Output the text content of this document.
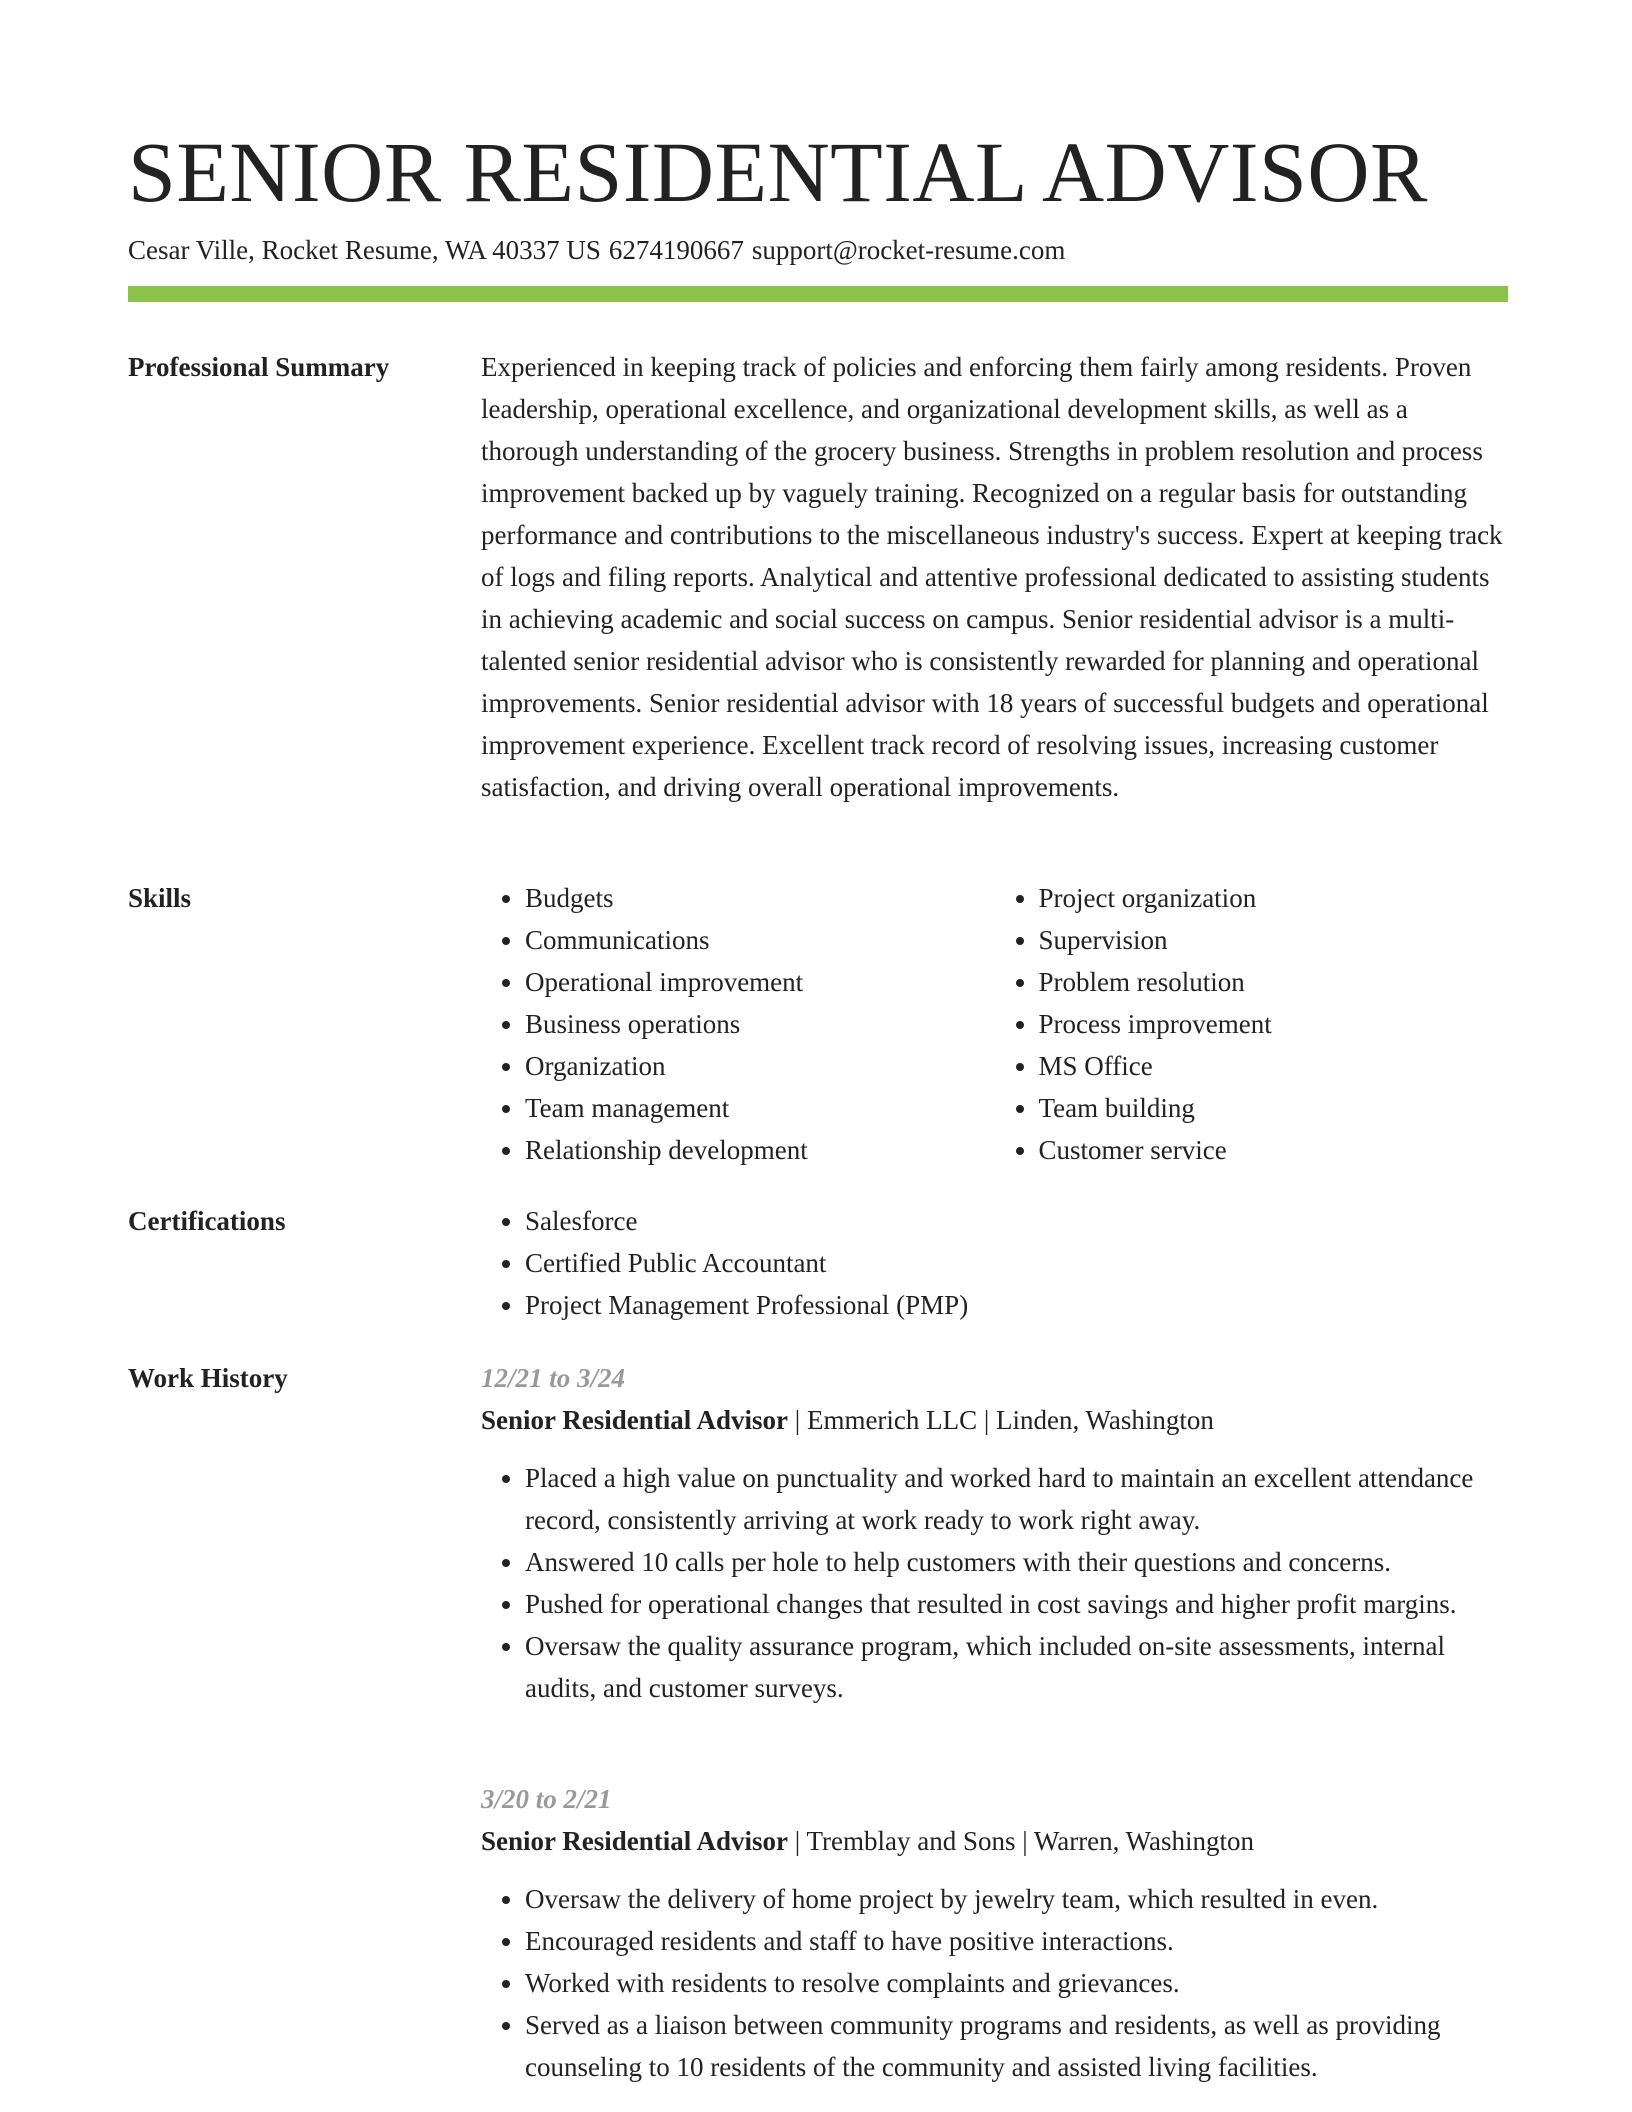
SENIOR RESIDENTIAL ADVISOR
Cesar Ville, Rocket Resume, WA 40337 US 6274190667 support@rocket-resume.com
Professional Summary	Experienced in keeping track of policies and enforcing them fairly among residents. Proven leadership, operational excellence, and organizational development skills, as well as a thorough understanding of the grocery business. Strengths in problem resolution and process improvement backed up by vaguely training. Recognized on a regular basis for outstanding performance and contributions to the miscellaneous industry's success. Expert at keeping track of logs and filing reports. Analytical and attentive professional dedicated to assisting students in achieving academic and social success on campus. Senior residential advisor is a multi-talented senior residential advisor who is consistently rewarded for planning and operational improvements. Senior residential advisor with 18 years of successful budgets and operational improvement experience. Excellent track record of resolving issues, increasing customer satisfaction, and driving overall operational improvements.

Skills	• Budgets
• Communications
• Operational improvement
• Business operations
• Organization
• Team management
• Relationship development
• Project organization
• Supervision
• Problem resolution
• Process improvement
• MS Office
• Team building
• Customer service
Certifications	• Salesforce
• Certified Public Accountant
• Project Management Professional (PMP)
Work History	12/21 to 3/24
Senior Residential Advisor | Emmerich LLC | Linden, Washington
• Placed a high value on punctuality and worked hard to maintain an excellent attendance record, consistently arriving at work ready to work right away.
• Answered 10 calls per hole to help customers with their questions and concerns.
• Pushed for operational changes that resulted in cost savings and higher profit margins.
• Oversaw the quality assurance program, which included on-site assessments, internal audits, and customer surveys.
3/20 to 2/21
Senior Residential Advisor | Tremblay and Sons | Warren, Washington
• Oversaw the delivery of home project by jewelry team, which resulted in even.
• Encouraged residents and staff to have positive interactions.
• Worked with residents to resolve complaints and grievances.
• Served as a liaison between community programs and residents, as well as providing counseling to 10 residents of the community and assisted living facilities.
